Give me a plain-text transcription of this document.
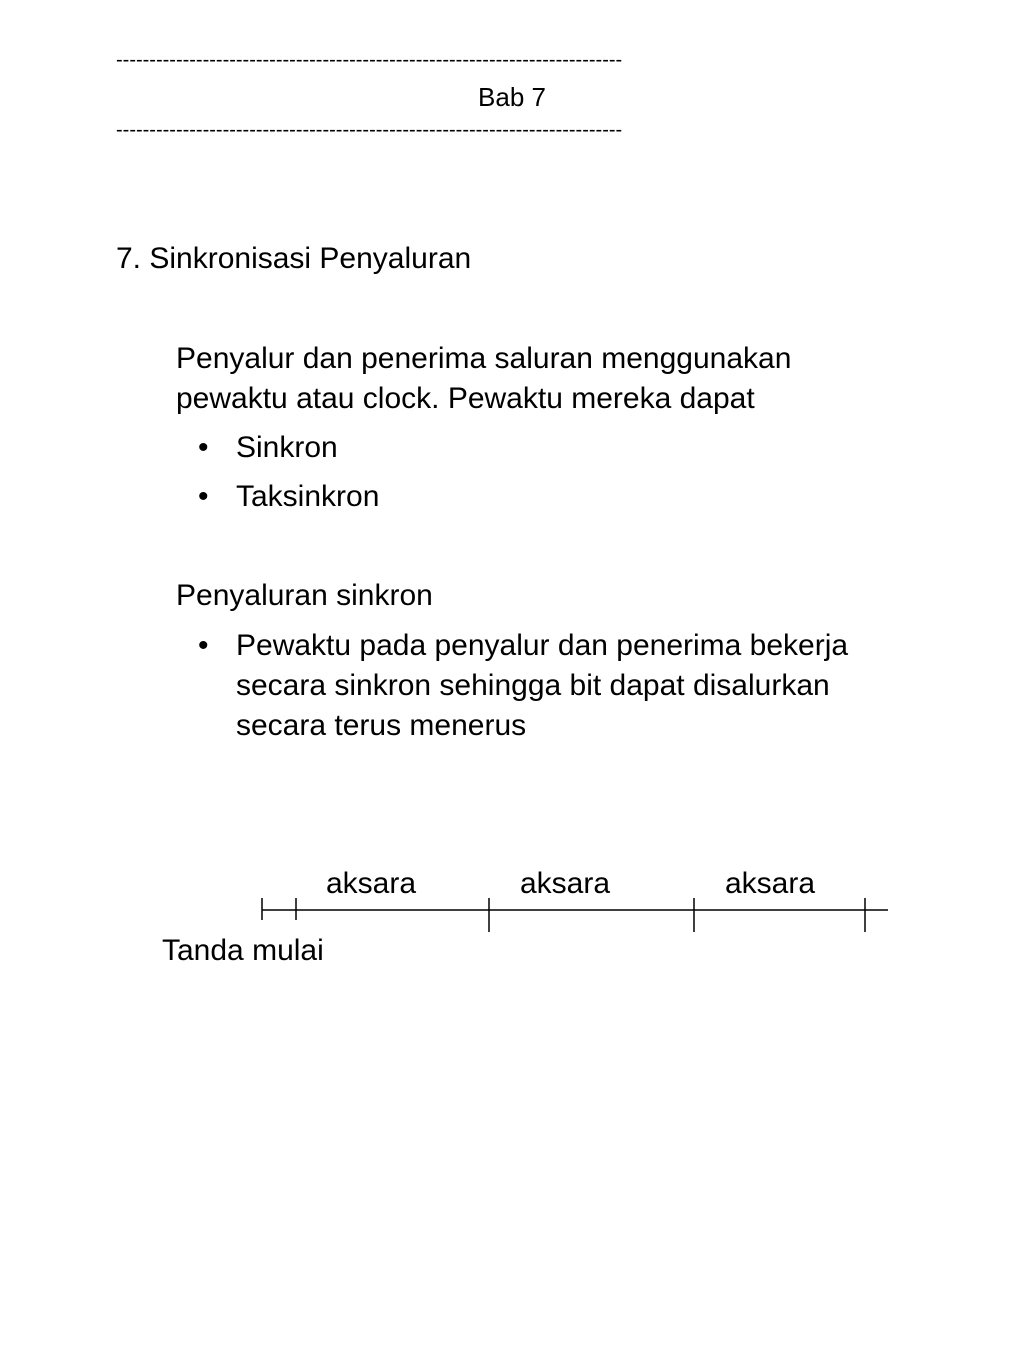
----------------------------------------------------------------------------
Bab 7
----------------------------------------------------------------------------
7. Sinkronisasi Penyaluran
Penyalur dan penerima saluran menggunakan
pewaktu atau clock. Pewaktu mereka dapat
• Sinkron
• Taksinkron
Penyaluran sinkron
• Pewaktu pada penyalur dan penerima bekerja
secara sinkron sehingga bit dapat disalurkan
secara terus menerus
aksara	aksara	aksara
Tanda mulai
